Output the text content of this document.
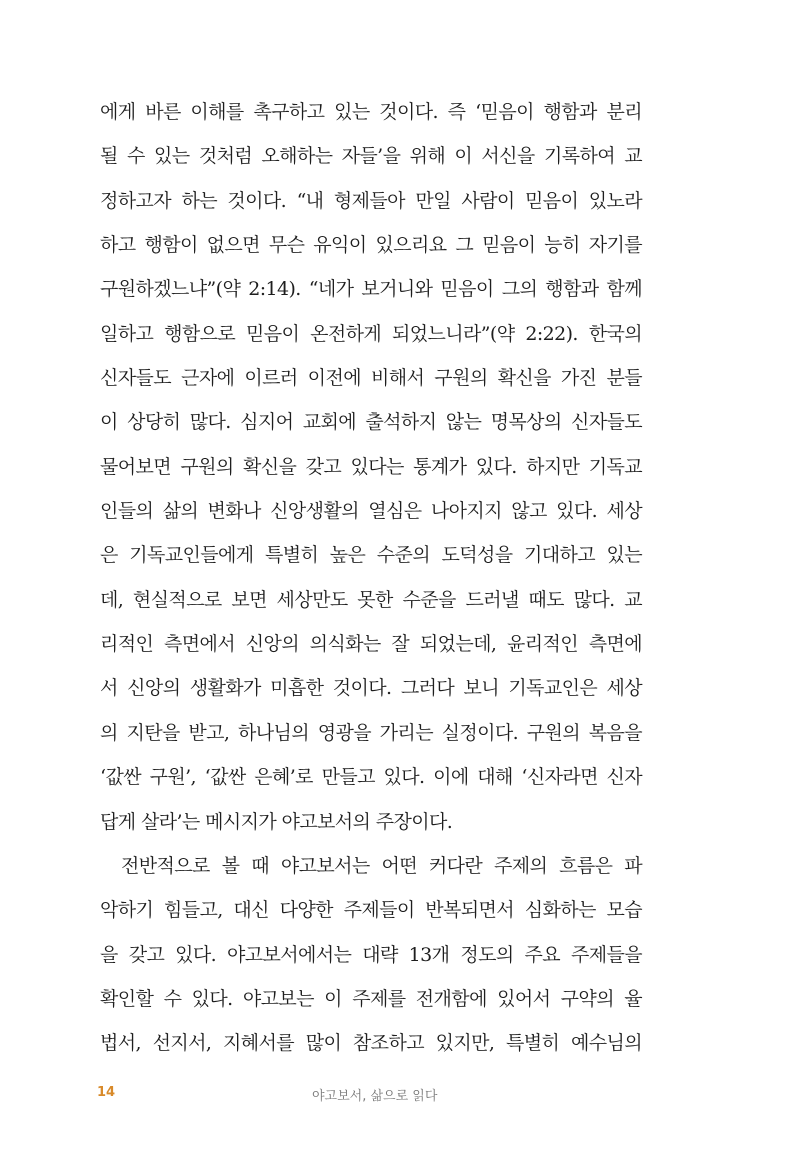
에게 바른 이해를 촉구하고 있는 것이다. 즉 ‘믿음이 행함과 분리
될 수 있는 것처럼 오해하는 자들’을 위해 이 서신을 기록하여 교
정하고자 하는 것이다. “내 형제들아 만일 사람이 믿음이 있노라
하고 행함이 없으면 무슨 유익이 있으리요 그 믿음이 능히 자기를
구원하겠느냐”(약 2:14). “네가 보거니와 믿음이 그의 행함과 함께
일하고 행함으로 믿음이 온전하게 되었느니라”(약 2:22). 한국의
신자들도 근자에 이르러 이전에 비해서 구원의 확신을 가진 분들
이 상당히 많다. 심지어 교회에 출석하지 않는 명목상의 신자들도
물어보면 구원의 확신을 갖고 있다는 통계가 있다. 하지만 기독교
인들의 삶의 변화나 신앙생활의 열심은 나아지지 않고 있다. 세상
은 기독교인들에게 특별히 높은 수준의 도덕성을 기대하고 있는
데, 현실적으로 보면 세상만도 못한 수준을 드러낼 때도 많다. 교
리적인 측면에서 신앙의 의식화는 잘 되었는데, 윤리적인 측면에
서 신앙의 생활화가 미흡한 것이다. 그러다 보니 기독교인은 세상
의 지탄을 받고, 하나님의 영광을 가리는 실정이다. 구원의 복음을
‘값싼 구원’, ‘값싼 은혜’로 만들고 있다. 이에 대해 ‘신자라면 신자
답게 살라’는 메시지가 야고보서의 주장이다.
전반적으로 볼 때 야고보서는 어떤 커다란 주제의 흐름은 파
악하기 힘들고, 대신 다양한 주제들이 반복되면서 심화하는 모습
을 갖고 있다. 야고보서에서는 대략 13개 정도의 주요 주제들을
확인할 수 있다. 야고보는 이 주제를 전개함에 있어서 구약의 율
법서, 선지서, 지혜서를 많이 참조하고 있지만, 특별히 예수님의
14	야고보서, 삶으로 읽다
